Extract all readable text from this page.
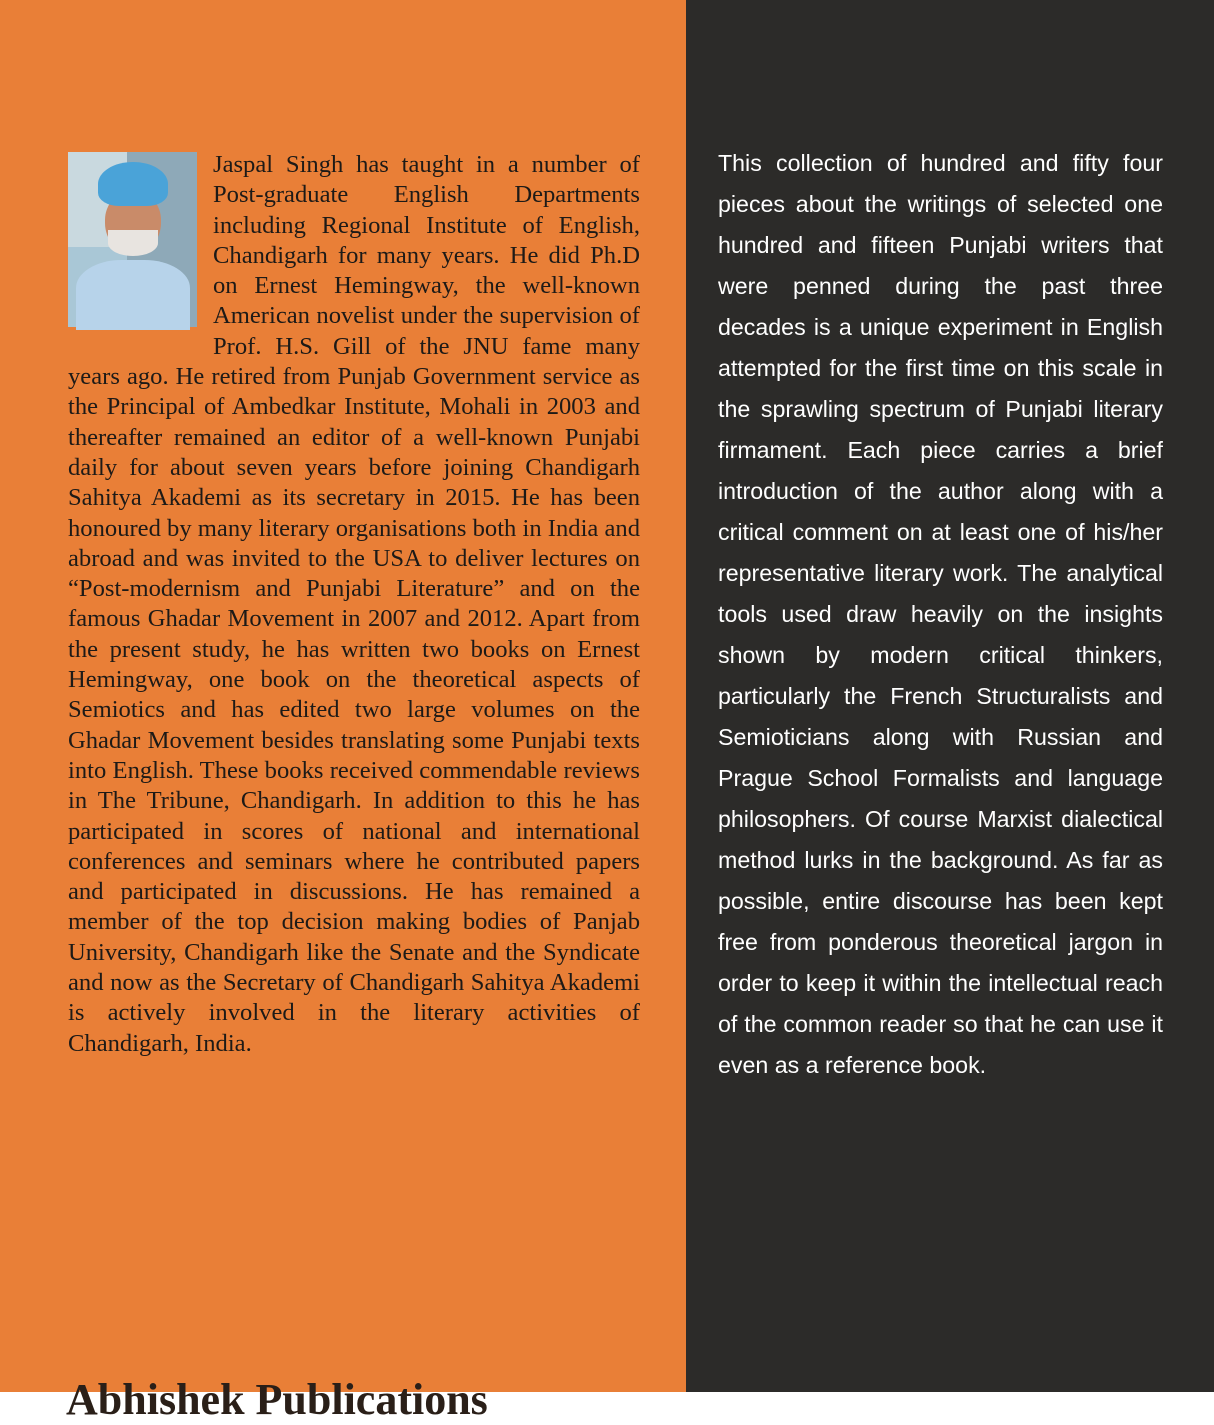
Jaspal Singh has taught in a number of Post-graduate English Departments including Regional Institute of English, Chandigarh for many years. He did Ph.D on Ernest Hemingway, the well-known American novelist under the supervision of Prof. H.S. Gill of the JNU fame many years ago. He retired from Punjab Government service as the Principal of Ambedkar Institute, Mohali in 2003 and thereafter remained an editor of a well-known Punjabi daily for about seven years before joining Chandigarh Sahitya Akademi as its secretary in 2015. He has been honoured by many literary organisations both in India and abroad and was invited to the USA to deliver lectures on “Post-modernism and Punjabi Literature” and on the famous Ghadar Movement in 2007 and 2012. Apart from the present study, he has written two books on Ernest Hemingway, one book on the theoretical aspects of Semiotics and has edited two large volumes on the Ghadar Movement besides translating some Punjabi texts into English. These books received commendable reviews in The Tribune, Chandigarh. In addition to this he has participated in scores of national and international conferences and seminars where he contributed papers and participated in discussions. He has remained a member of the top decision making bodies of Panjab University, Chandigarh like the Senate and the Syndicate and now as the Secretary of Chandigarh Sahitya Akademi is actively involved in the literary activities of Chandigarh, India.

Abhishek Publications

This collection of hundred and fifty four pieces about the writings of selected one hundred and fifteen Punjabi writers that were penned during the past three decades is a unique experiment in English attempted for the first time on this scale in the sprawling spectrum of Punjabi literary firmament. Each piece carries a brief introduction of the author along with a critical comment on at least one of his/her representative literary work. The analytical tools used draw heavily on the insights shown by modern critical thinkers, particularly the French Structuralists and Semioticians along with Russian and Prague School Formalists and language philosophers. Of course Marxist dialectical method lurks in the background. As far as possible, entire discourse has been kept free from ponderous theoretical jargon in order to keep it within the intellectual reach of the common reader so that he can use it even as a reference book.
